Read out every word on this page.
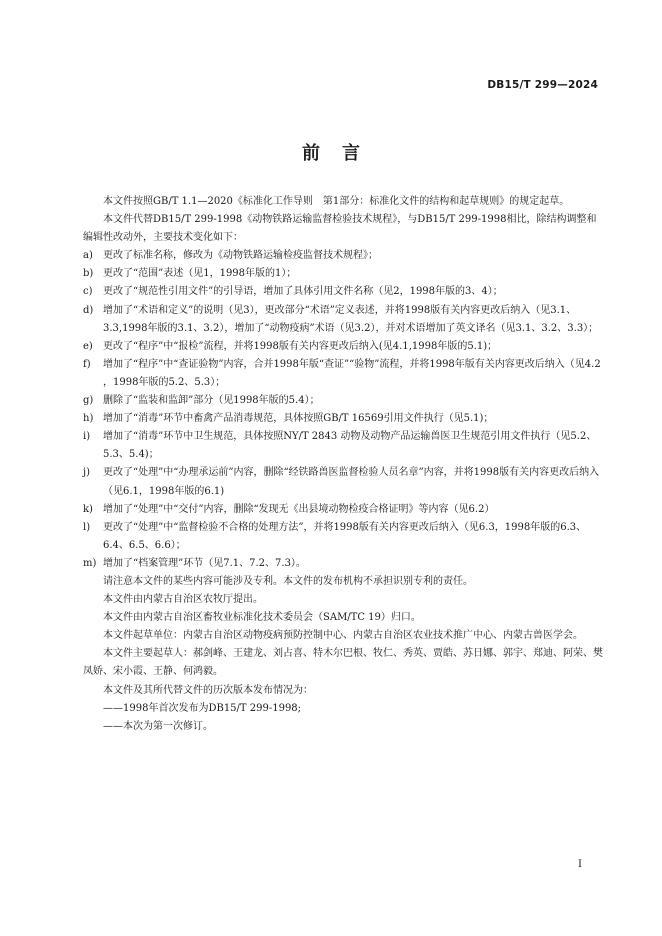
DB15/T 299—2024
前言

本文件按照GB/T 1.1—2020《标准化工作导则　第1部分：标准化文件的结构和起草规则》的规定起草。

本文件代替DB15/T 299-1998《动物铁路运输监督检验技术规程》，与DB15/T 299-1998相比，除结构调整和编辑性改动外，主要技术变化如下：

a)	更改了标准名称，修改为《动物铁路运输检疫监督技术规程》；
b) 更改了“范围”表述（见1，1998年版的1）；
c)	更改了“规范性引用文件”的引导语，增加了具体引用文件名称（见2，1998年版的3、4）；
d) 增加了“术语和定义”的说明（见3），更改部分“术语”定义表述，并将1998版有关内容更改后纳入（见3.1、3.3,1998年版的3.1、3.2），增加了“动物疫病”术语（见3.2），并对术语增加了英文译名（见3.1、3.2、3.3）；
e)	更改了“程序”中“报检”流程，并将1998版有关内容更改后纳入(见4.1,1998年版的5.1)；
f)	增加了“程序”中“查证验物”内容，合并1998年版“查证”“验物”流程，并将1998年版有关内容更改后纳入（见4.2 ，1998年版的5.2、5.3）；
g) 删除了“监装和监卸”部分（见1998年版的5.4）；
h) 增加了“消毒”环节中畜禽产品消毒规范，具体按照GB/T 16569引用文件执行（见5.1)；
i)	增加了“消毒”环节中卫生规范，具体按照NY/T 2843 动物及动物产品运输兽医卫生规范引用文件执行（见5.2、5.3、5.4)；
j)	更改了“处理”中“办理承运前”内容，删除“经铁路兽医监督检验人员名章”内容，并将1998版有关内容更改后纳入（见6.1，1998年版的6.1)
k)	增加了“处理”中“交付”内容，删除“发现无《出县境动物检疫合格证明》等内容（见6.2）
l)	更改了“处理”中“监督检验不合格的处理方法”，并将1998版有关内容更改后纳入（见6.3，1998年版的6.3、6.4、6.5、6.6）；
m) 增加了“档案管理”环节（见7.1、7.2、7.3）。

请注意本文件的某些内容可能涉及专利。本文件的发布机构不承担识别专利的责任。

本文件由内蒙古自治区农牧厅提出。

本文件由内蒙古自治区畜牧业标准化技术委员会（SAM/TC 19）归口。

本文件起草单位：内蒙古自治区动物疫病预防控制中心、内蒙古自治区农业技术推广中心、内蒙古兽医学会。

本文件主要起草人：郝剑峰、王建龙、刘占喜、特木尔巴根、牧仁、秀英、贾皓、苏日娜、郭宇、郑迪、阿荣、樊凤娇、宋小霞、王静、何鸿毅。

本文件及其所代替文件的历次版本发布情况为：

——1998年首次发布为DB15/T 299-1998;

——本次为第一次修订。

I
